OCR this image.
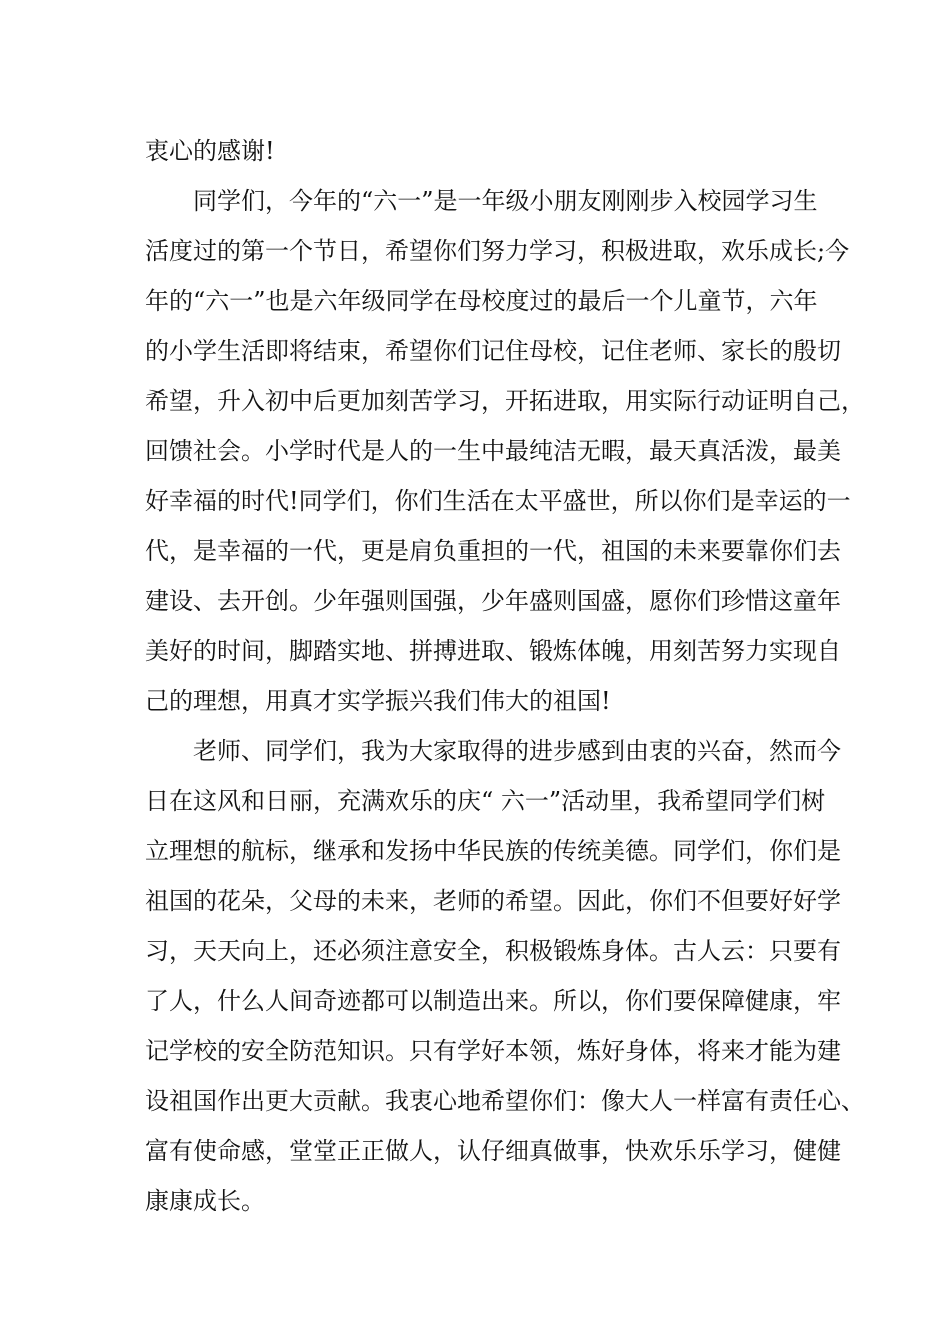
衷心的感谢!
同学们，今年的“六一”是一年级小朋友刚刚步入校园学习生
活度过的第一个节日，希望你们努力学习，积极进取，欢乐成长;今
年的“六一”也是六年级同学在母校度过的最后一个儿童节，六年
的小学生活即将结束，希望你们记住母校，记住老师、家长的殷切
希望，升入初中后更加刻苦学习，开拓进取，用实际行动证明自己，
回馈社会。小学时代是人的一生中最纯洁无暇，最天真活泼，最美
好幸福的时代!同学们，你们生活在太平盛世，所以你们是幸运的一
代，是幸福的一代，更是肩负重担的一代，祖国的未来要靠你们去
建设、去开创。少年强则国强，少年盛则国盛，愿你们珍惜这童年
美好的时间，脚踏实地、拼搏进取、锻炼体魄，用刻苦努力实现自
己的理想，用真才实学振兴我们伟大的祖国!
老师、同学们，我为大家取得的进步感到由衷的兴奋，然而今
日在这风和日丽，充满欢乐的庆“ 六一”活动里，我希望同学们树
立理想的航标，继承和发扬中华民族的传统美德。同学们，你们是
祖国的花朵，父母的未来，老师的希望。因此，你们不但要好好学
习，天天向上，还必须注意安全，积极锻炼身体。古人云：只要有
了人，什么人间奇迹都可以制造出来。所以，你们要保障健康，牢
记学校的安全防范知识。只有学好本领，炼好身体，将来才能为建
设祖国作出更大贡献。我衷心地希望你们：像大人一样富有责任心、
富有使命感，堂堂正正做人，认仔细真做事，快欢乐乐学习，健健
康康成长。
